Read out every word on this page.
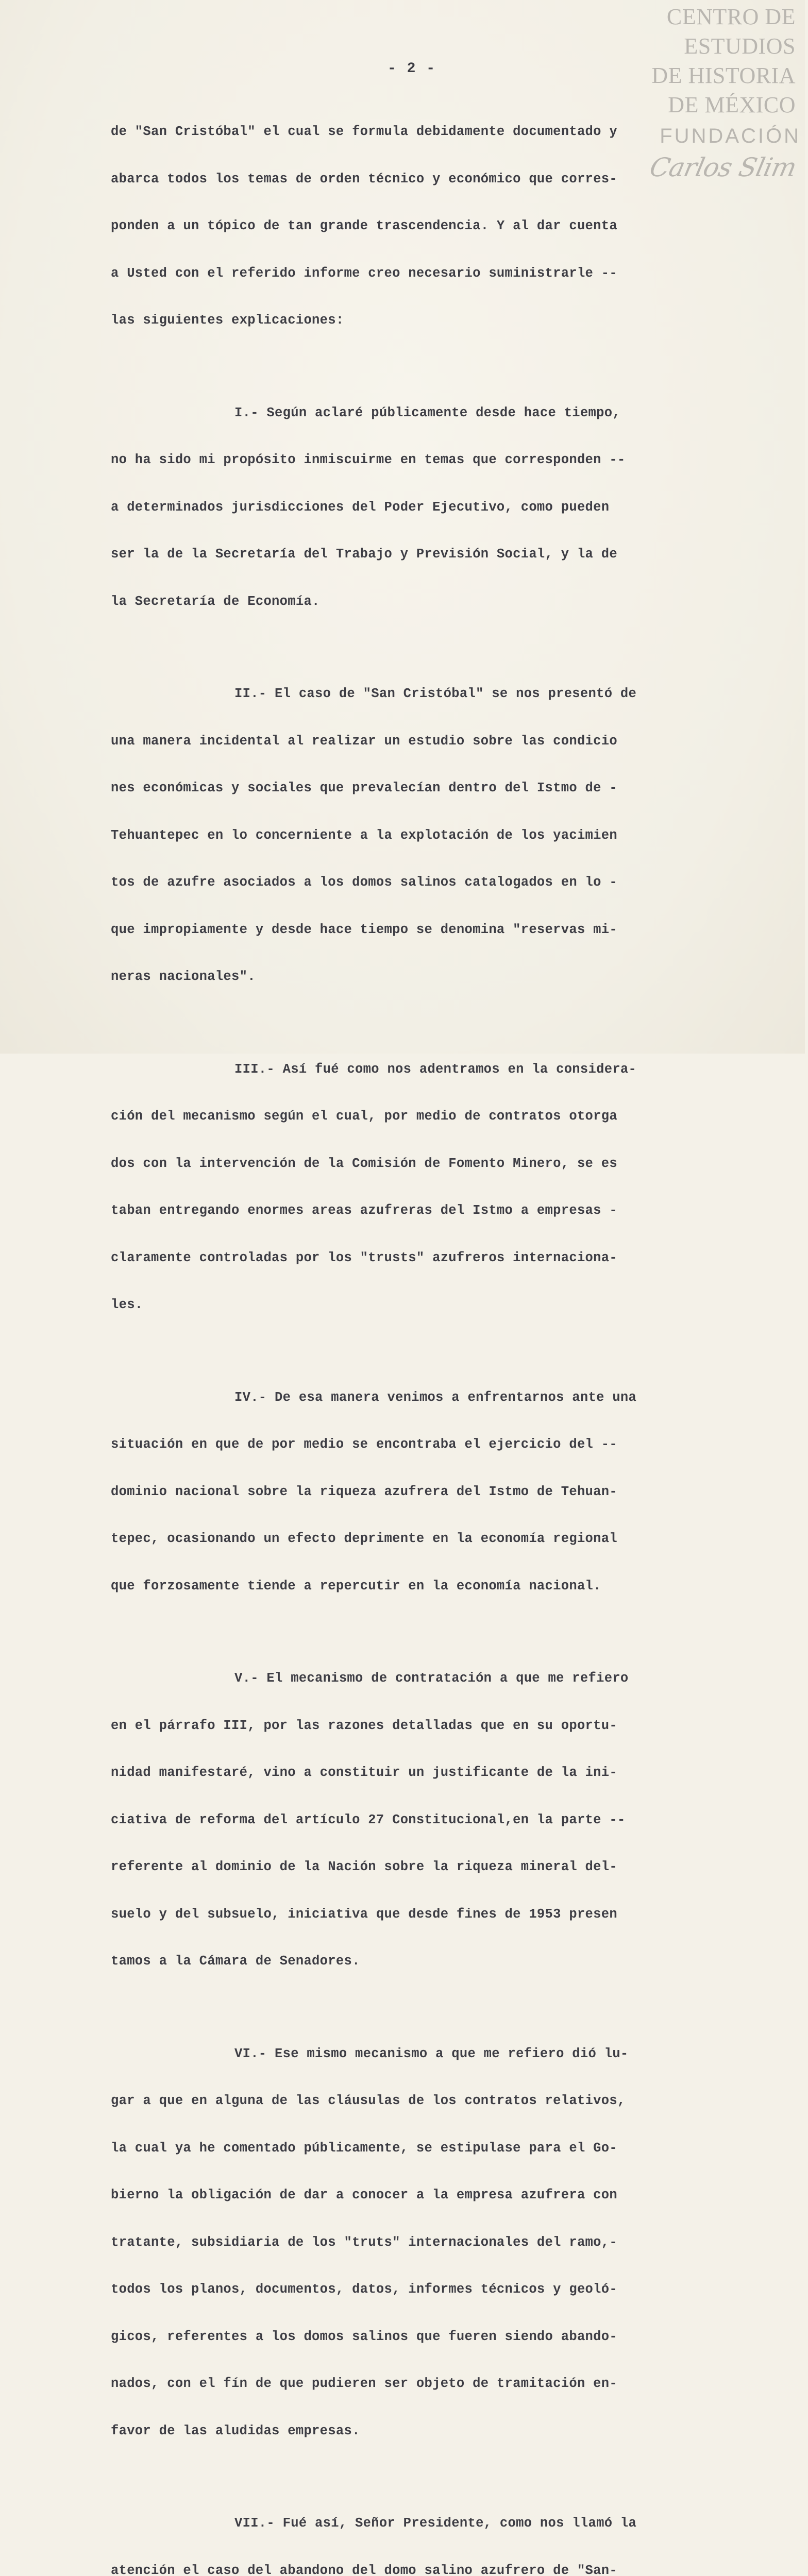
CENTRO DE
ESTUDIOS
DE HISTORIA
DE MÉXICO
FUNDACIÓN
Carlos Slim
- 2 -

de "San Cristóbal" el cual se formula debidamente documentado y

abarca todos los temas de orden técnico y económico que corres-

ponden a un tópico de tan grande trascendencia. Y al dar cuenta

a Usted con el referido informe creo necesario suministrarle --

las siguientes explicaciones:

I.- Según aclaré públicamente desde hace tiempo,

no ha sido mi propósito inmiscuirme en temas que corresponden --

a determinados jurisdicciones del Poder Ejecutivo, como pueden

ser la de la Secretaría del Trabajo y Previsión Social, y la de

la Secretaría de Economía.

II.- El caso de "San Cristóbal" se nos presentó de

una manera incidental al realizar un estudio sobre las condicio

nes económicas y sociales que prevalecían dentro del Istmo de -

Tehuantepec en lo concerniente a la explotación de los yacimien

tos de azufre asociados a los domos salinos catalogados en lo -

que impropiamente y desde hace tiempo se denomina "reservas mi-

neras nacionales".

III.- Así fué como nos adentramos en la considera-

ción del mecanismo según el cual, por medio de contratos otorga

dos con la intervención de la Comisión de Fomento Minero, se es

taban entregando enormes areas azufreras del Istmo a empresas -

claramente controladas por los "trusts" azufreros internaciona-

les.

IV.- De esa manera venimos a enfrentarnos ante una

situación en que de por medio se encontraba el ejercicio del --

dominio nacional sobre la riqueza azufrera del Istmo de Tehuan-

tepec, ocasionando un efecto deprimente en la economía regional

que forzosamente tiende a repercutir en la economía nacional.

V.- El mecanismo de contratación a que me refiero

en el párrafo III, por las razones detalladas que en su oportu-

nidad manifestaré, vino a constituir un justificante de la ini-

ciativa de reforma del artículo 27 Constitucional,en la parte --

referente al dominio de la Nación sobre la riqueza mineral del-

suelo y del subsuelo, iniciativa que desde fines de 1953 presen

tamos a la Cámara de Senadores.

VI.- Ese mismo mecanismo a que me refiero dió lu-

gar a que en alguna de las cláusulas de los contratos relativos,

la cual ya he comentado públicamente, se estipulase para el Go-

bierno la obligación de dar a conocer a la empresa azufrera con

tratante, subsidiaria de los "truts" internacionales del ramo,-

todos los planos, documentos, datos, informes técnicos y geoló-

gicos, referentes a los domos salinos que fueren siendo abando-

nados, con el fín de que pudieren ser objeto de tramitación en-

favor de las aludidas empresas.

VII.- Fué así, Señor Presidente, como nos llamó la

atención el caso del abandono del domo salino azufrero de "San-
